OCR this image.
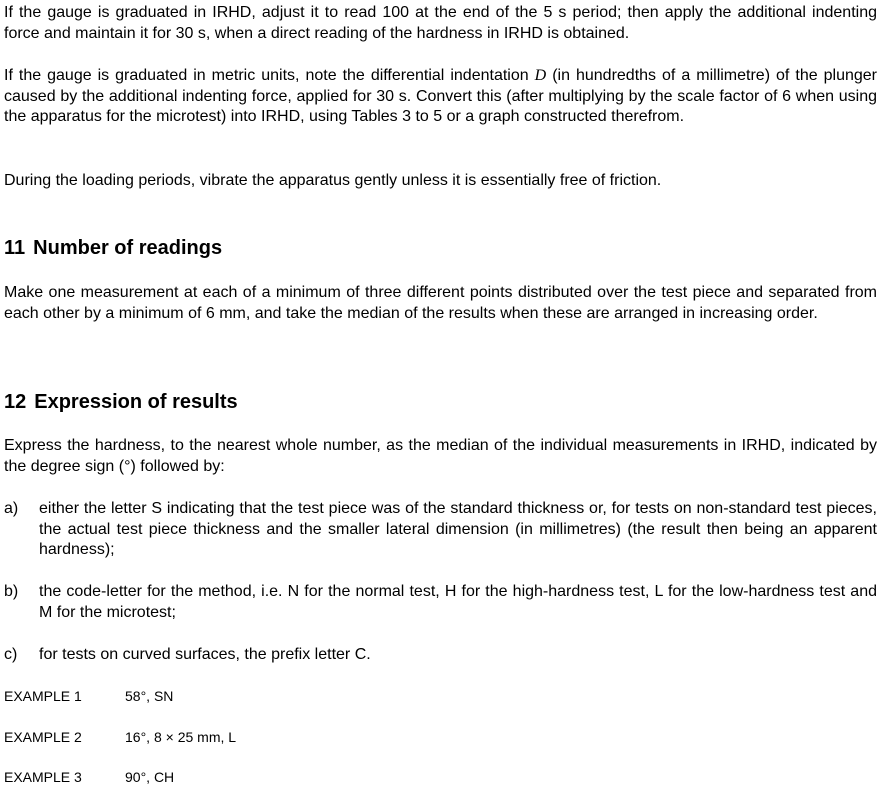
If the gauge is graduated in IRHD, adjust it to read 100 at the end of the 5 s period; then apply the additional indenting force and maintain it for 30 s, when a direct reading of the hardness in IRHD is obtained.

If the gauge is graduated in metric units, note the differential indentation D (in hundredths of a millimetre) of the plunger caused by the additional indenting force, applied for 30 s. Convert this (after multiplying by the scale factor of 6 when using the apparatus for the microtest) into IRHD, using Tables 3 to 5 or a graph constructed therefrom.

During the loading periods, vibrate the apparatus gently unless it is essentially free of friction.

11 Number of readings

Make one measurement at each of a minimum of three different points distributed over the test piece and separated from each other by a minimum of 6 mm, and take the median of the results when these are arranged in increasing order.

12 Expression of results

Express the hardness, to the nearest whole number, as the median of the individual measurements in IRHD, indicated by the degree sign (°) followed by:

a) either the letter S indicating that the test piece was of the standard thickness or, for tests on non-standard test pieces, the actual test piece thickness and the smaller lateral dimension (in millimetres) (the result then being an apparent hardness);
b) the code-letter for the method, i.e. N for the normal test, H for the high-hardness test, L for the low-hardness test and M for the microtest;
c) for tests on curved surfaces, the prefix letter C.
EXAMPLE 1	58°, SN
EXAMPLE 2	16°, 8 × 25 mm, L
EXAMPLE 3	90°, CH
